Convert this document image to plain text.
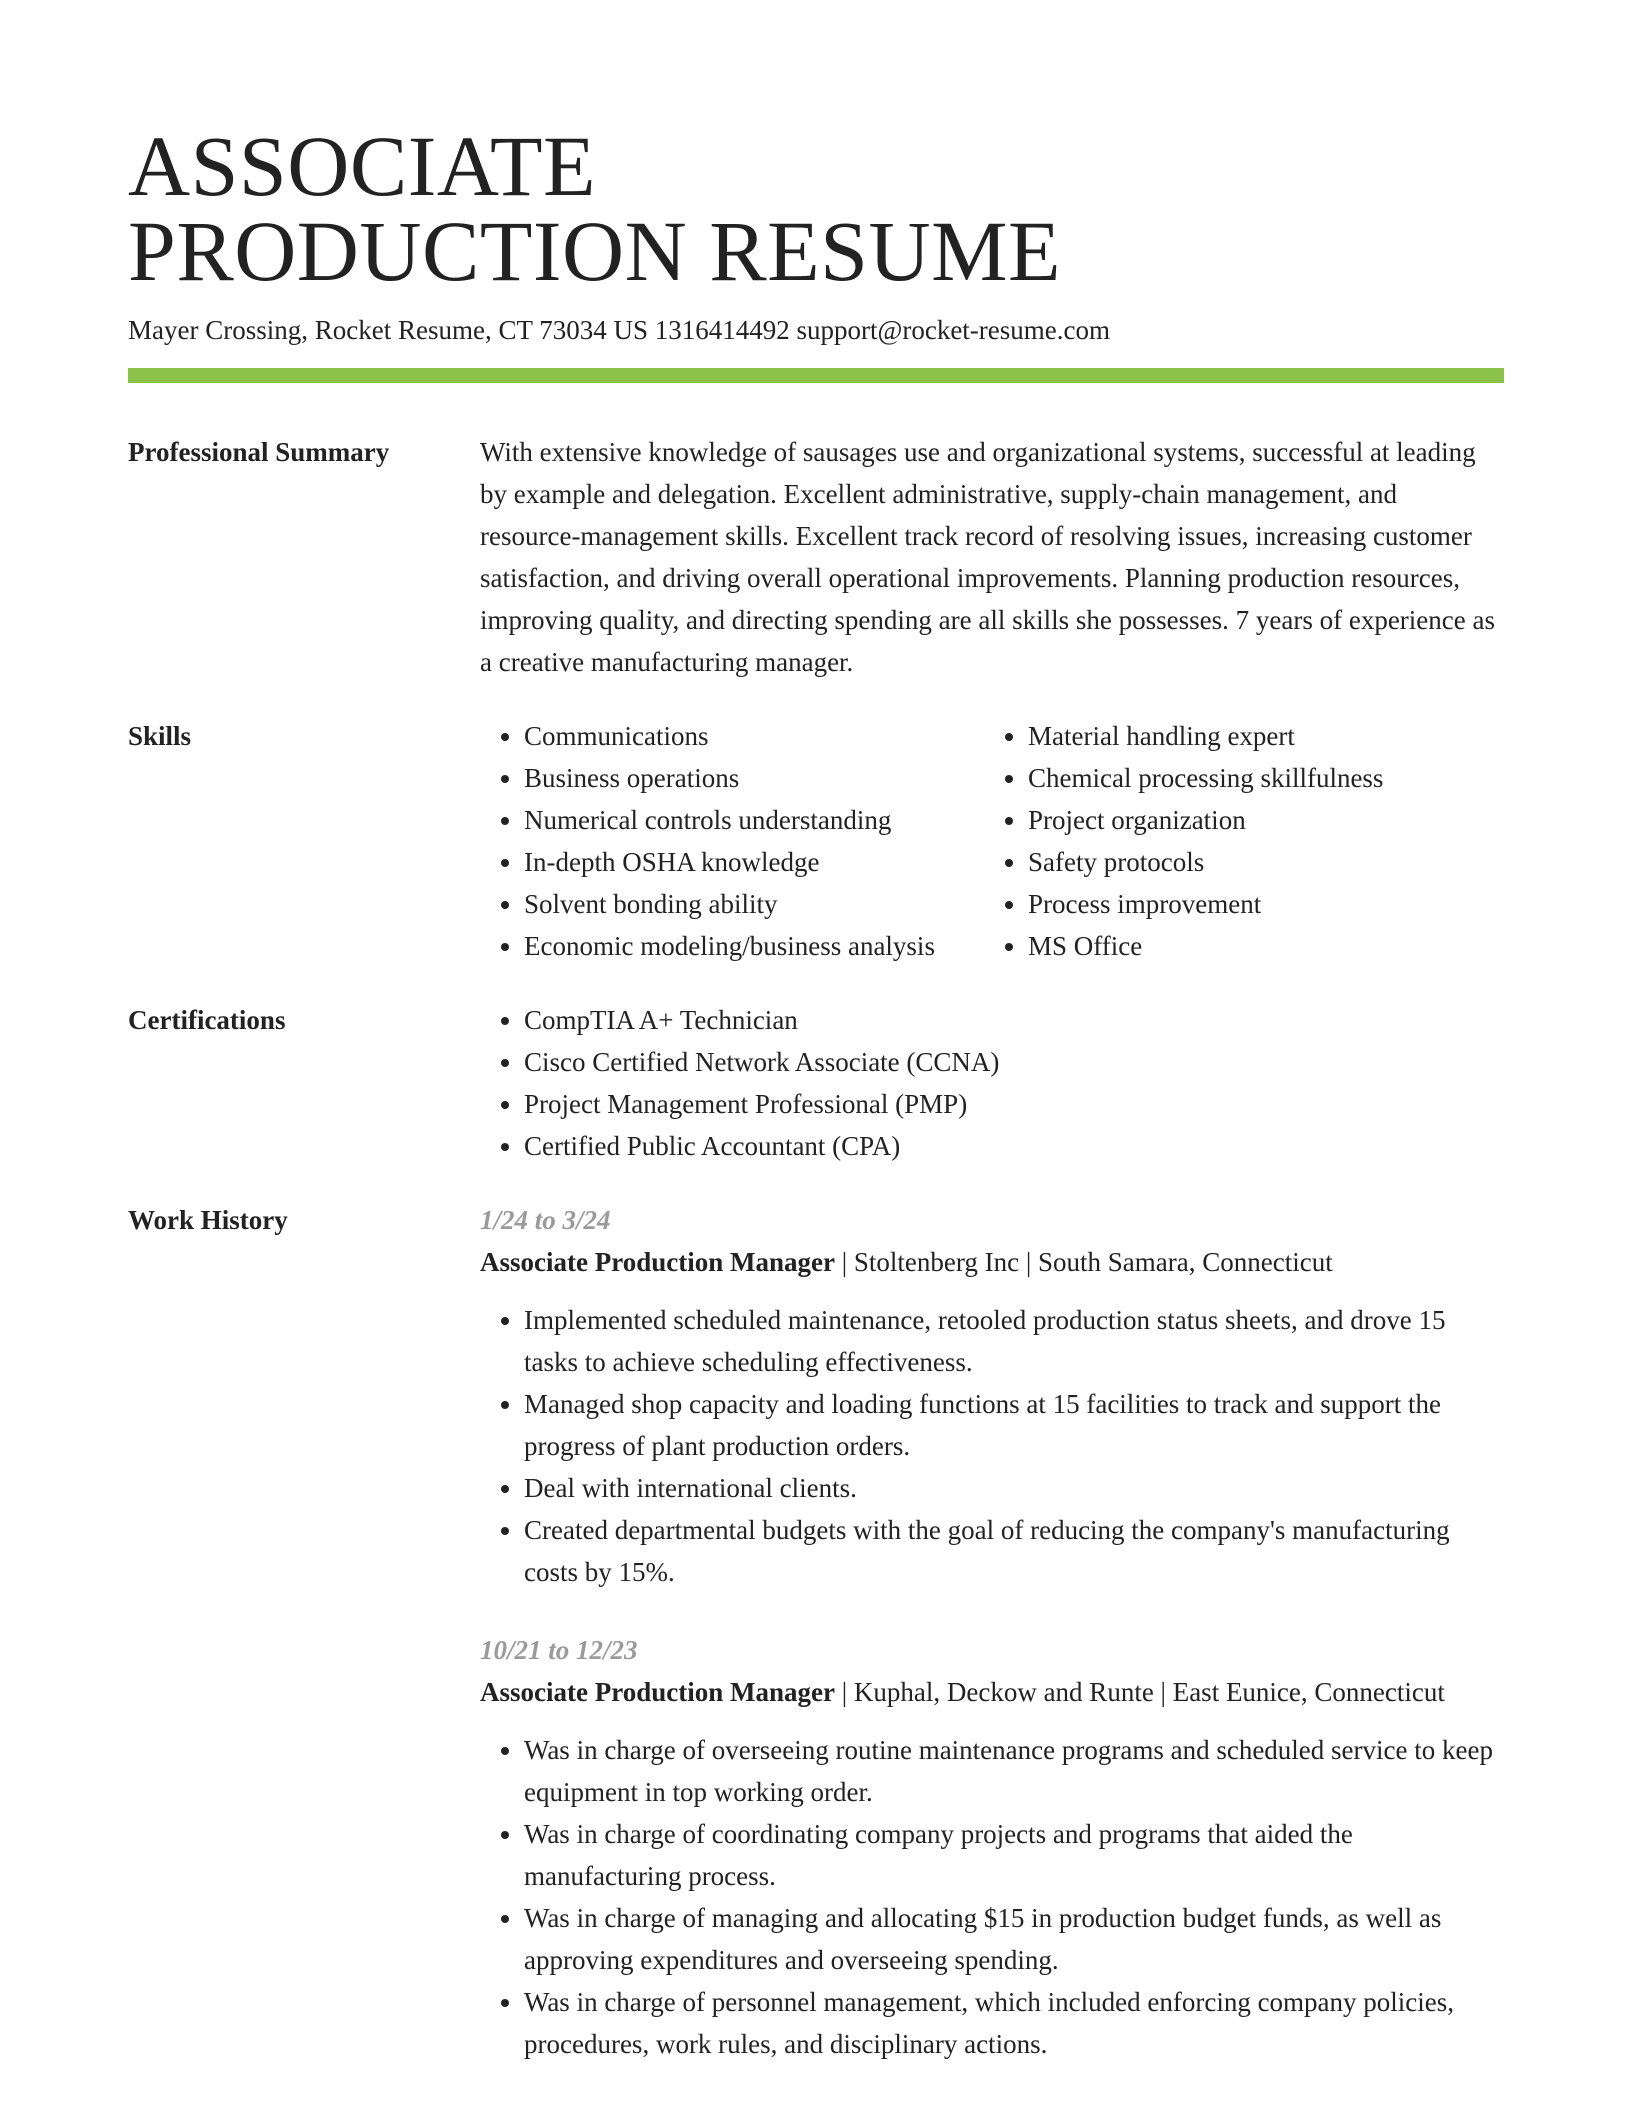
ASSOCIATE
PRODUCTION RESUME
Mayer Crossing, Rocket Resume, CT 73034 US 1316414492 support@rocket-resume.com
Professional Summary	With extensive knowledge of sausages use and organizational systems, successful at leading by example and delegation. Excellent administrative, supply-chain management, and resource-management skills. Excellent track record of resolving issues, increasing customer satisfaction, and driving overall operational improvements. Planning production resources, improving quality, and directing spending are all skills she possesses. 7 years of experience as a creative manufacturing manager.
Skills	• Communications
• Business operations
• Numerical controls understanding
• In-depth OSHA knowledge
• Solvent bonding ability
• Economic modeling/business analysis
• Material handling expert
• Chemical processing skillfulness
• Project organization
• Safety protocols
• Process improvement
• MS Office
Certifications	• CompTIA A+ Technician
• Cisco Certified Network Associate (CCNA)
• Project Management Professional (PMP)
• Certified Public Accountant (CPA)
Work History	1/24 to 3/24
Associate Production Manager | Stoltenberg Inc | South Samara, Connecticut
• Implemented scheduled maintenance, retooled production status sheets, and drove 15 tasks to achieve scheduling effectiveness.
• Managed shop capacity and loading functions at 15 facilities to track and support the progress of plant production orders.
• Deal with international clients.
• Created departmental budgets with the goal of reducing the company's manufacturing costs by 15%.
10/21 to 12/23
Associate Production Manager | Kuphal, Deckow and Runte | East Eunice, Connecticut
• Was in charge of overseeing routine maintenance programs and scheduled service to keep equipment in top working order.
• Was in charge of coordinating company projects and programs that aided the manufacturing process.
• Was in charge of managing and allocating $15 in production budget funds, as well as approving expenditures and overseeing spending.
• Was in charge of personnel management, which included enforcing company policies, procedures, work rules, and disciplinary actions.
